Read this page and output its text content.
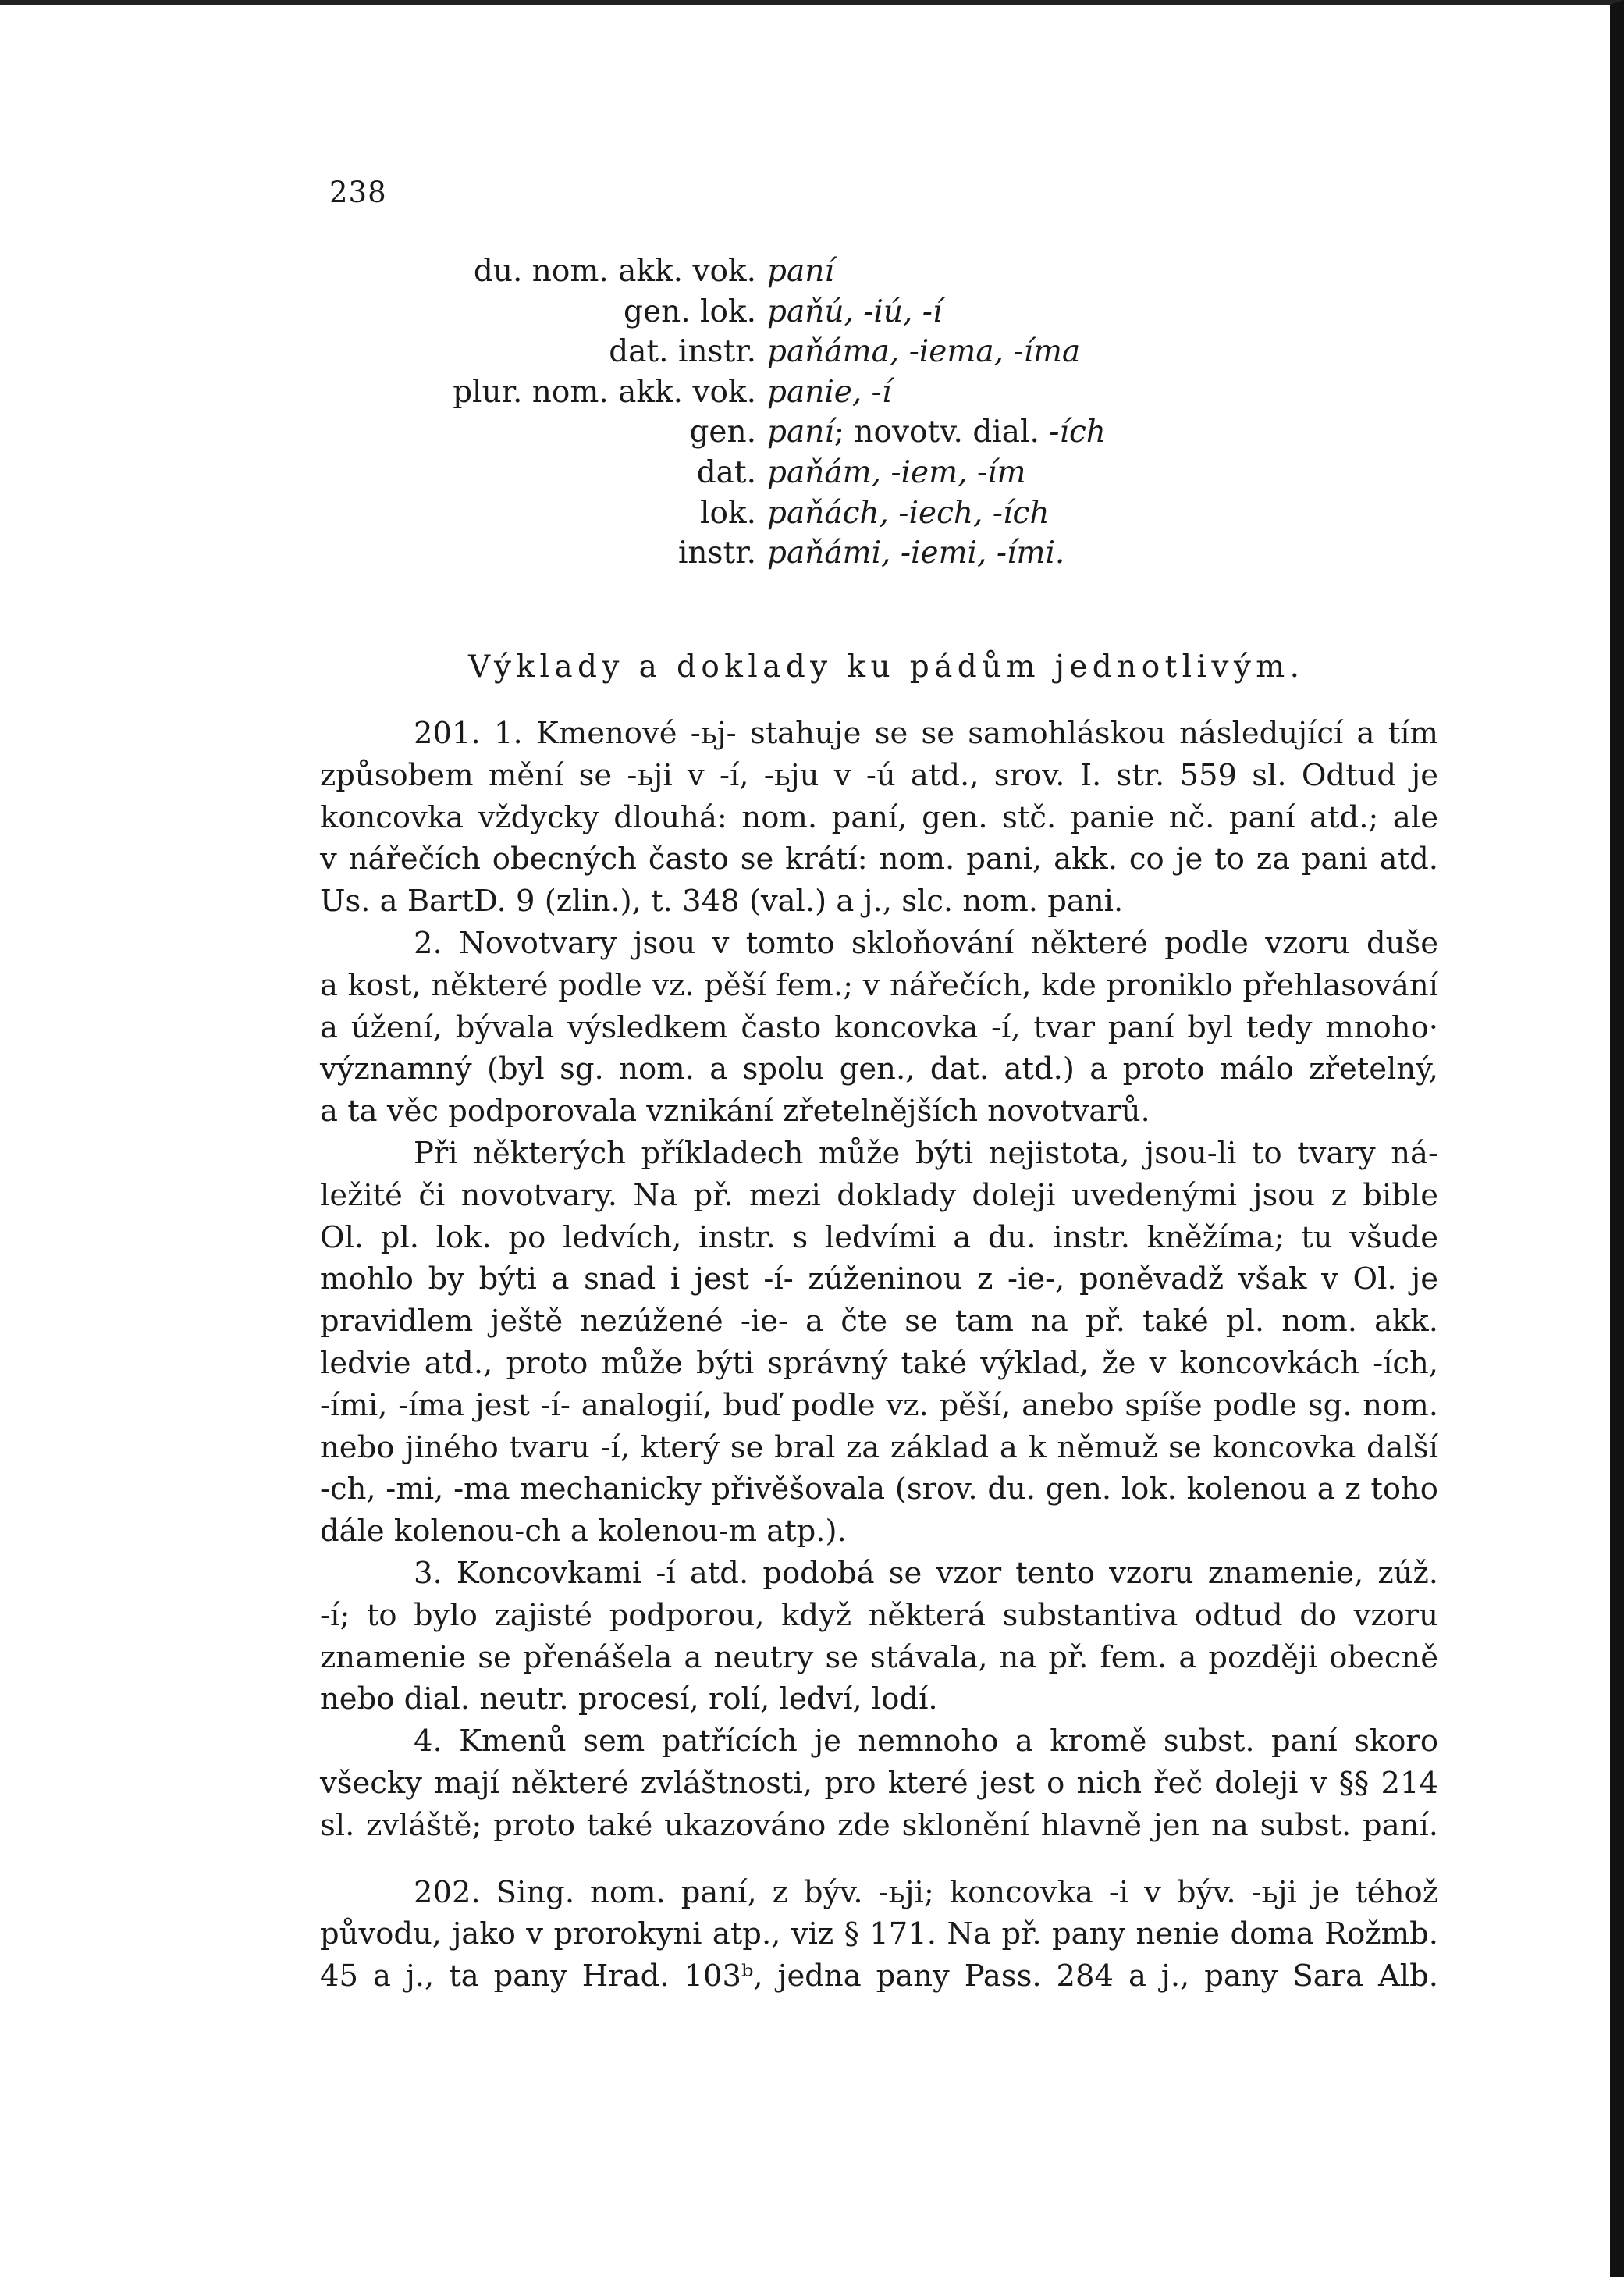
238
du. nom. akk. vok. paní
gen. lok. paňú, -iú, -í
dat. instr. paňáma, -iema, -íma
plur. nom. akk. vok. panie, -í
gen. paní; novotv. dial. -ích
dat. paňám, -iem, -ím
lok. paňách, -iech, -ích
instr. paňámi, -iemi, -ími.
Výklady a doklady ku pádům jednotlivým.
201. 1. Kmenové -ьj- stahuje se se samohláskou následující a tím
způsobem mění se -ьji v -í, -ьju v -ú atd., srov. I. str. 559 sl. Odtud je
koncovka vždycky dlouhá: nom. paní, gen. stč. panie nč. paní atd.; ale
v nářečích obecných často se krátí: nom. pani, akk. co je to za pani atd.
Us. a BartD. 9 (zlin.), t. 348 (val.) a j., slc. nom. pani.
2. Novotvary jsou v tomto skloňování některé podle vzoru duše
a kost, některé podle vz. pěší fem.; v nářečích, kde proniklo přehlasování
a úžení, bývala výsledkem často koncovka -í, tvar paní byl tedy mnoho·
významný (byl sg. nom. a spolu gen., dat. atd.) a proto málo zřetelný,
a ta věc podporovala vznikání zřetelnějších novotvarů.
Při některých příkladech může býti nejistota, jsou-li to tvary ná-
ležité či novotvary. Na př. mezi doklady doleji uvedenými jsou z bible
Ol. pl. lok. po ledvích, instr. s ledvími a du. instr. kněžíma; tu všude
mohlo by býti a snad i jest -í- zúženinou z -ie-, poněvadž však v Ol. je
pravidlem ještě nezúžené -ie- a čte se tam na př. také pl. nom. akk.
ledvie atd., proto může býti správný také výklad, že v koncovkách -ích,
-ími, -íma jest -í- analogií, buď podle vz. pěší, anebo spíše podle sg. nom.
nebo jiného tvaru -í, který se bral za základ a k němuž se koncovka další
-ch, -mi, -ma mechanicky přivěšovala (srov. du. gen. lok. kolenou a z toho
dále kolenou-ch a kolenou-m atp.).
3. Koncovkami -í atd. podobá se vzor tento vzoru znamenie, zúž.
-í; to bylo zajisté podporou, když některá substantiva odtud do vzoru
znamenie se přenášela a neutry se stávala, na př. fem. a později obecně
nebo dial. neutr. procesí, rolí, ledví, lodí.
4. Kmenů sem patřících je nemnoho a kromě subst. paní skoro
všecky mají některé zvláštnosti, pro které jest o nich řeč doleji v §§ 214
sl. zvláště; proto také ukazováno zde sklonění hlavně jen na subst. paní.
202. Sing. nom. paní, z býv. -ьji; koncovka -i v býv. -ьji je téhož
původu, jako v prorokyni atp., viz § 171. Na př. pany nenie doma Rožmb.
45 a j., ta pany Hrad. 103ᵇ, jedna pany Pass. 284 a j., pany Sara Alb.
